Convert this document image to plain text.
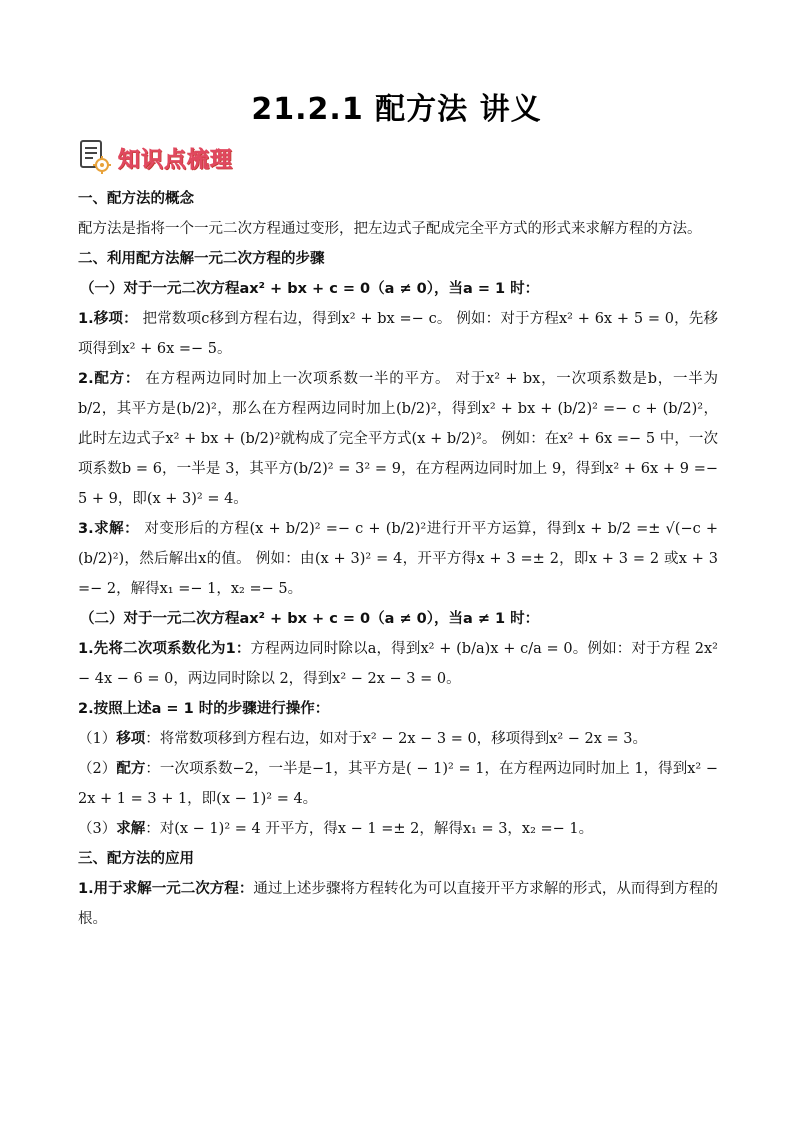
21.2.1 配方法 讲义
知识点梳理

一、配方法的概念

配方法是指将一个一元二次方程通过变形，把左边式子配成完全平方式的形式来求解方程的方法。

二、利用配方法解一元二次方程的步骤

（一）对于一元二次方程ax² + bx + c = 0（a ≠ 0），当a = 1 时：

1.移项： 把常数项c移到方程右边，得到x² + bx =− c。 例如：对于方程x² + 6x + 5 = 0，先移项得到x² + 6x =− 5。

2.配方： 在方程两边同时加上一次项系数一半的平方。 对于x² + bx，一次项系数是b，一半为b/2，其平方是(b/2)²，那么在方程两边同时加上(b/2)²，得到x² + bx + (b/2)² =− c + (b/2)²，此时左边式子x² + bx + (b/2)²就构成了完全平方式(x + b/2)²。 例如：在x² + 6x =− 5 中，一次项系数b = 6，一半是 3，其平方(b/2)² = 3² = 9，在方程两边同时加上 9，得到x² + 6x + 9 =− 5 + 9，即(x + 3)² = 4。

3.求解： 对变形后的方程(x + b/2)² =− c + (b/2)²进行开平方运算，得到x + b/2 =± √(−c + (b/2)²)，然后解出x的值。 例如：由(x + 3)² = 4，开平方得x + 3 =± 2，即x + 3 = 2 或x + 3 =− 2，解得x₁ =− 1，x₂ =− 5。

（二）对于一元二次方程ax² + bx + c = 0（a ≠ 0），当a ≠ 1 时：

1.先将二次项系数化为1：方程两边同时除以a，得到x² + (b/a)x + c/a = 0。例如：对于方程 2x² − 4x − 6 = 0，两边同时除以 2，得到x² − 2x − 3 = 0。

2.按照上述a = 1 时的步骤进行操作：

（1）移项：将常数项移到方程右边，如对于x² − 2x − 3 = 0，移项得到x² − 2x = 3。

（2）配方：一次项系数−2，一半是−1，其平方是( − 1)² = 1，在方程两边同时加上 1，得到x² − 2x + 1 = 3 + 1，即(x − 1)² = 4。

（3）求解：对(x − 1)² = 4 开平方，得x − 1 =± 2，解得x₁ = 3，x₂ =− 1。

三、配方法的应用

1.用于求解一元二次方程：通过上述步骤将方程转化为可以直接开平方求解的形式，从而得到方程的根。
